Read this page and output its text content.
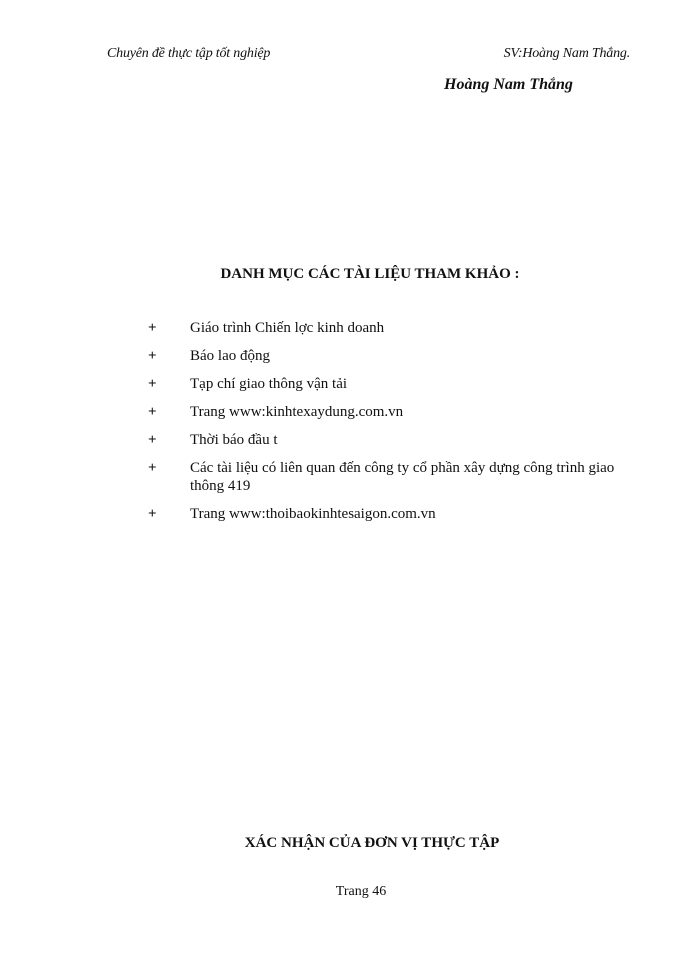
Chuyên đề thực tập tốt nghiệp	SV:Hoàng Nam Thắng.
Hoàng Nam Thắng
DANH MỤC CÁC TÀI LIỆU THAM KHẢO :
+ Giáo trình Chiến lợc kinh doanh
+ Báo lao động
+ Tạp chí giao thông vận tải
+ Trang www:kinhtexaydung.com.vn
+ Thời báo đầu t
+ Các tài liệu có liên quan đến công ty cổ phần xây dựng công trình giao thông 419
+ Trang www:thoibaokinhtesaigon.com.vn
XÁC NHẬN CỦA ĐƠN VỊ THỰC TẬP
Trang 46
